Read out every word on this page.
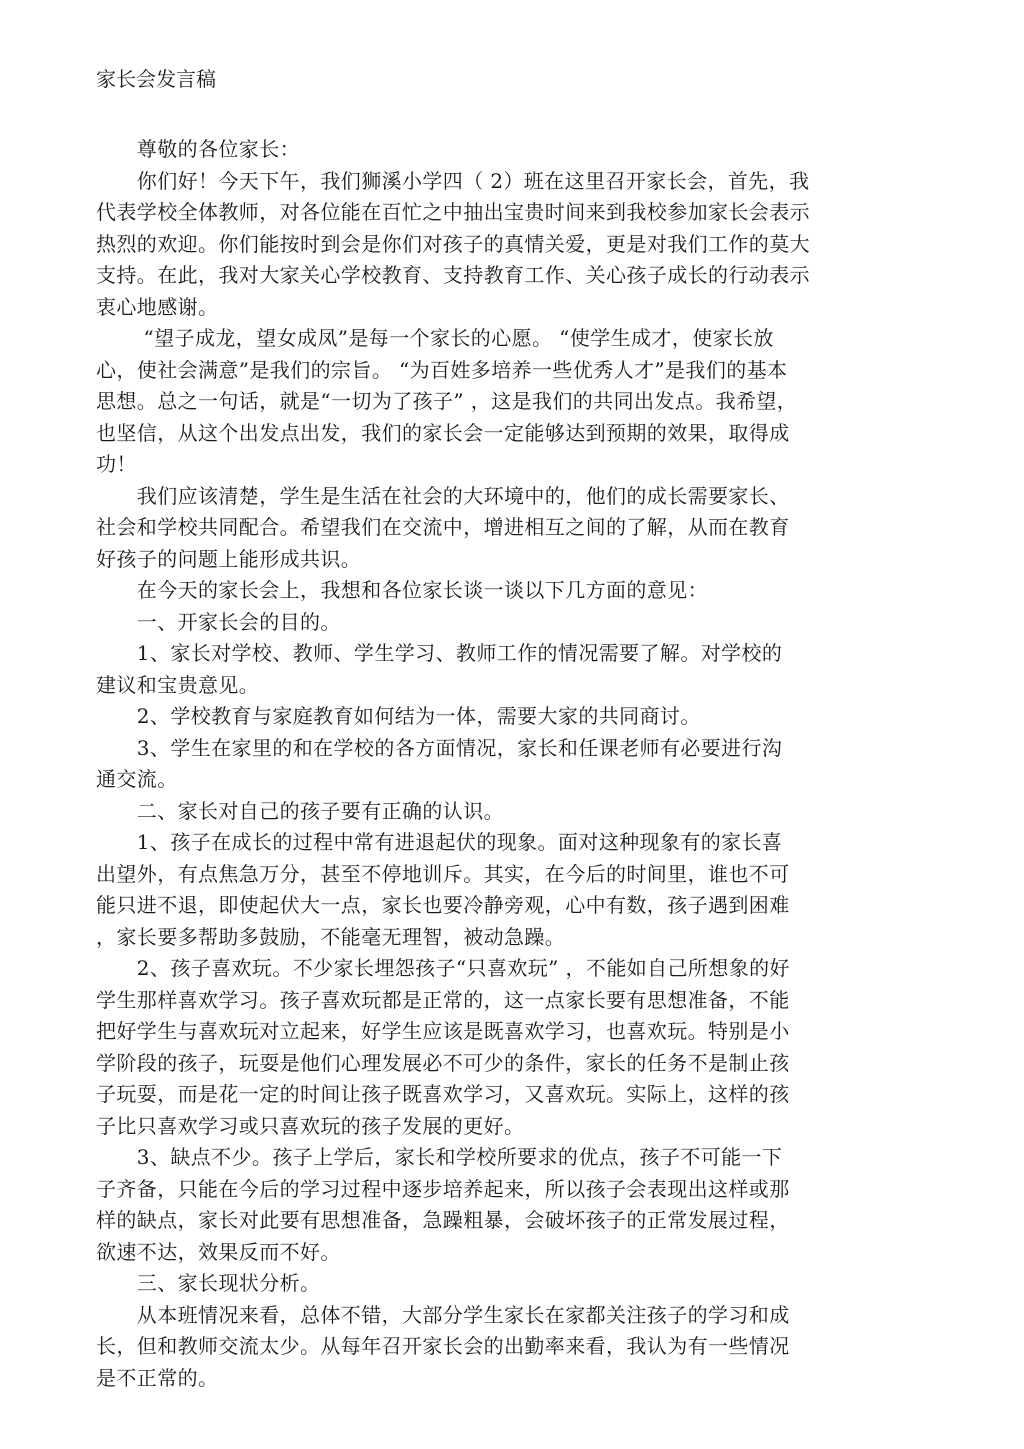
家长会发言稿
　　尊敬的各位家长：
　　你们好！今天下午，我们狮溪小学四（ 2）班在这里召开家长会，首先，我
代表学校全体教师，对各位能在百忙之中抽出宝贵时间来到我校参加家长会表示
热烈的欢迎。你们能按时到会是你们对孩子的真情关爱，更是对我们工作的莫大
支持。在此，我对大家关心学校教育、支持教育工作、关心孩子成长的行动表示
衷心地感谢。
　　 “望子成龙，望女成凤”是每一个家长的心愿。 “使学生成才，使家长放
心，使社会满意”是我们的宗旨。 “为百姓多培养一些优秀人才”是我们的基本
思想。总之一句话，就是“一切为了孩子” ，这是我们的共同出发点。我希望，
也坚信，从这个出发点出发，我们的家长会一定能够达到预期的效果，取得成
功！
　　我们应该清楚，学生是生活在社会的大环境中的，他们的成长需要家长、
社会和学校共同配合。希望我们在交流中，增进相互之间的了解，从而在教育
好孩子的问题上能形成共识。
　　在今天的家长会上，我想和各位家长谈一谈以下几方面的意见：
　　一、开家长会的目的。
　　1、家长对学校、教师、学生学习、教师工作的情况需要了解。对学校的
建议和宝贵意见。
　　2、学校教育与家庭教育如何结为一体，需要大家的共同商讨。
　　3、学生在家里的和在学校的各方面情况，家长和任课老师有必要进行沟
通交流。
　　二、家长对自己的孩子要有正确的认识。
　　1、孩子在成长的过程中常有进退起伏的现象。面对这种现象有的家长喜
出望外，有点焦急万分，甚至不停地训斥。其实，在今后的时间里，谁也不可
能只进不退，即使起伏大一点，家长也要冷静旁观，心中有数，孩子遇到困难
，家长要多帮助多鼓励，不能毫无理智，被动急躁。
　　2、孩子喜欢玩。不少家长埋怨孩子“只喜欢玩” ，不能如自己所想象的好
学生那样喜欢学习。孩子喜欢玩都是正常的，这一点家长要有思想准备，不能
把好学生与喜欢玩对立起来，好学生应该是既喜欢学习，也喜欢玩。特别是小
学阶段的孩子，玩耍是他们心理发展必不可少的条件，家长的任务不是制止孩
子玩耍，而是花一定的时间让孩子既喜欢学习，又喜欢玩。实际上，这样的孩
子比只喜欢学习或只喜欢玩的孩子发展的更好。
　　3、缺点不少。孩子上学后，家长和学校所要求的优点，孩子不可能一下
子齐备，只能在今后的学习过程中逐步培养起来，所以孩子会表现出这样或那
样的缺点，家长对此要有思想准备，急躁粗暴，会破坏孩子的正常发展过程，
欲速不达，效果反而不好。
　　三、家长现状分析。
　　从本班情况来看，总体不错，大部分学生家长在家都关注孩子的学习和成
长，但和教师交流太少。从每年召开家长会的出勤率来看，我认为有一些情况
是不正常的。
